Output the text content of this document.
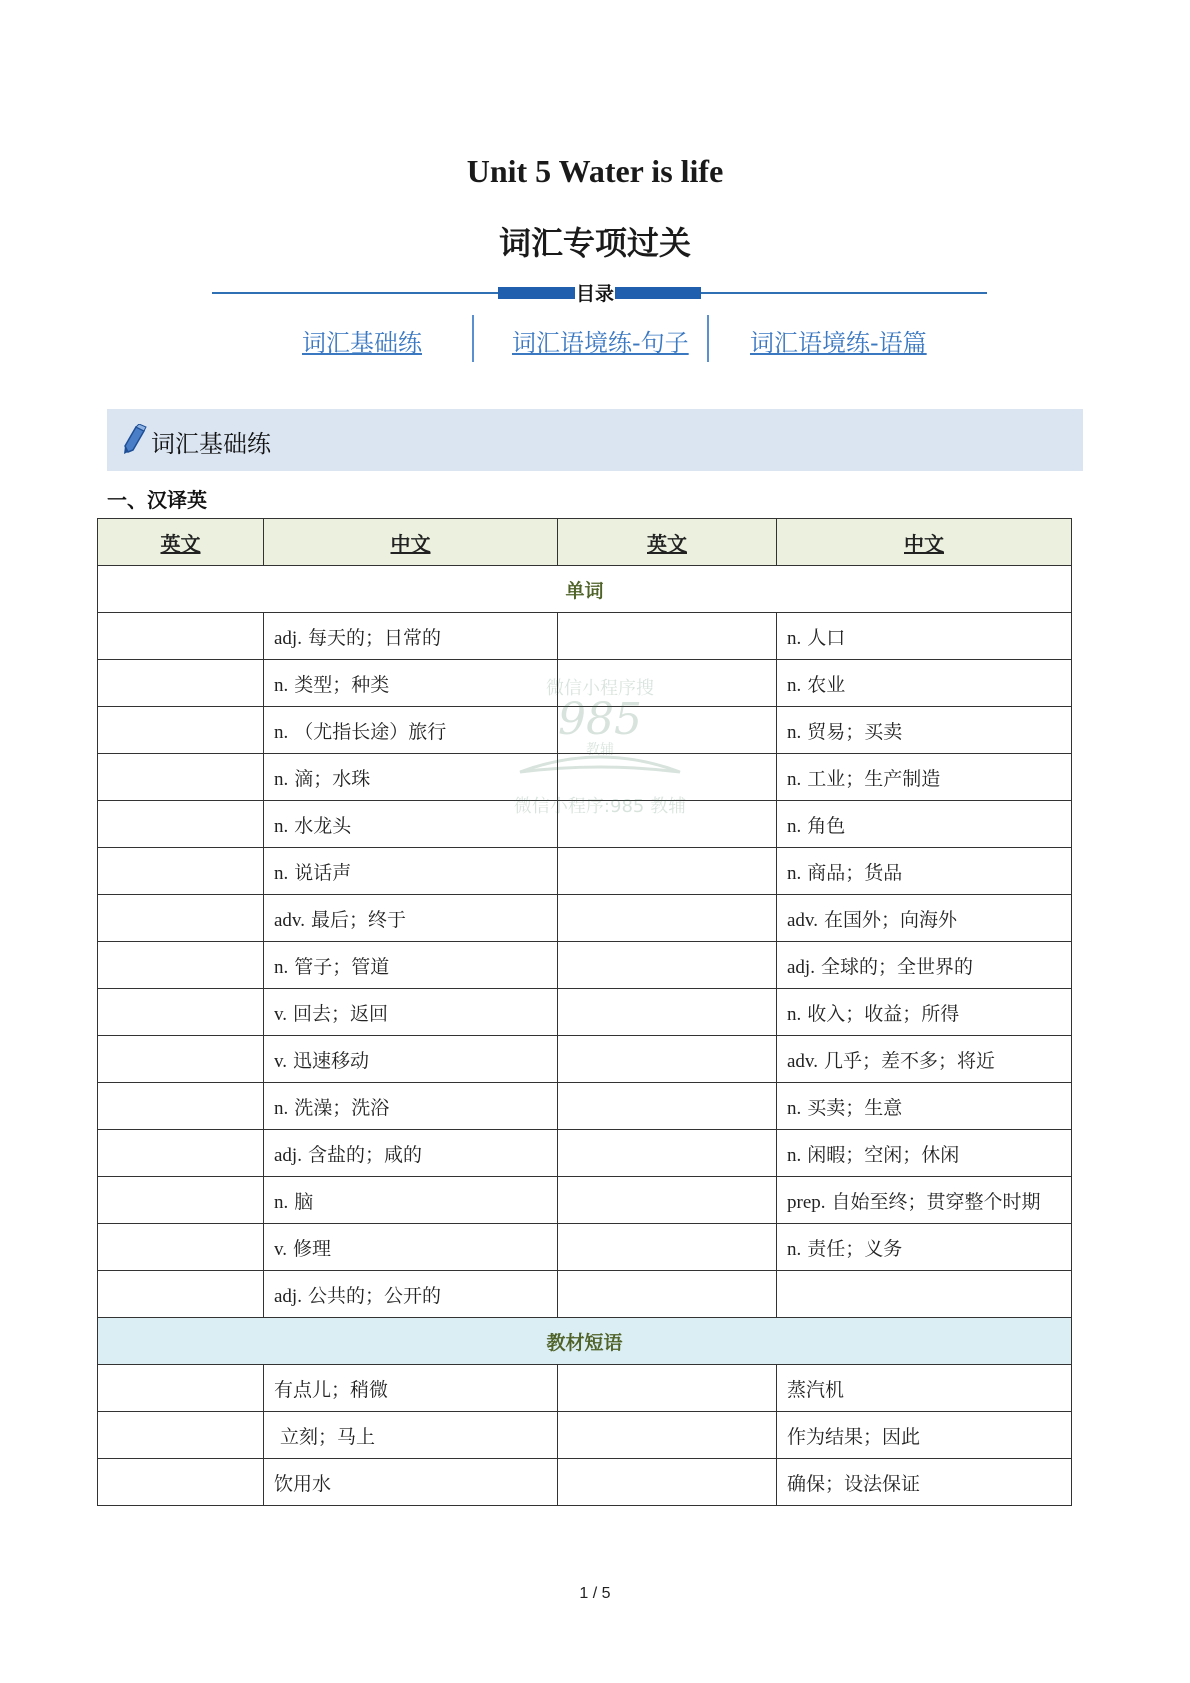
Unit 5 Water is life
词汇专项过关
目录
词汇基础练	词汇语境练-句子	词汇语境练-语篇
词汇基础练
一、汉译英
英文	中文	英文	中文
单词			
	adj. 每天的；日常的		n. 人口
	n. 类型；种类		n. 农业
	n. （尤指长途）旅行		n. 贸易；买卖
	n. 滴；水珠		n. 工业；生产制造
	n. 水龙头		n. 角色
	n. 说话声		n. 商品；货品
	adv. 最后；终于		adv. 在国外；向海外
	n. 管子；管道		adj. 全球的；全世界的
	v. 回去；返回		n. 收入；收益；所得
	v. 迅速移动		adv. 几乎；差不多；将近
	n. 洗澡；洗浴		n. 买卖；生意
	adj. 含盐的；咸的		n. 闲暇；空闲；休闲
	n. 脑		prep. 自始至终；贯穿整个时期
	v. 修理		n. 责任；义务
	adj. 公共的；公开的		
教材短语			
	有点儿；稍微		蒸汽机
	立刻；马上		作为结果；因此
	饮用水		确保；设法保证
微信小程序搜
985
教辅
微信小程序:985 教辅
1 / 5
